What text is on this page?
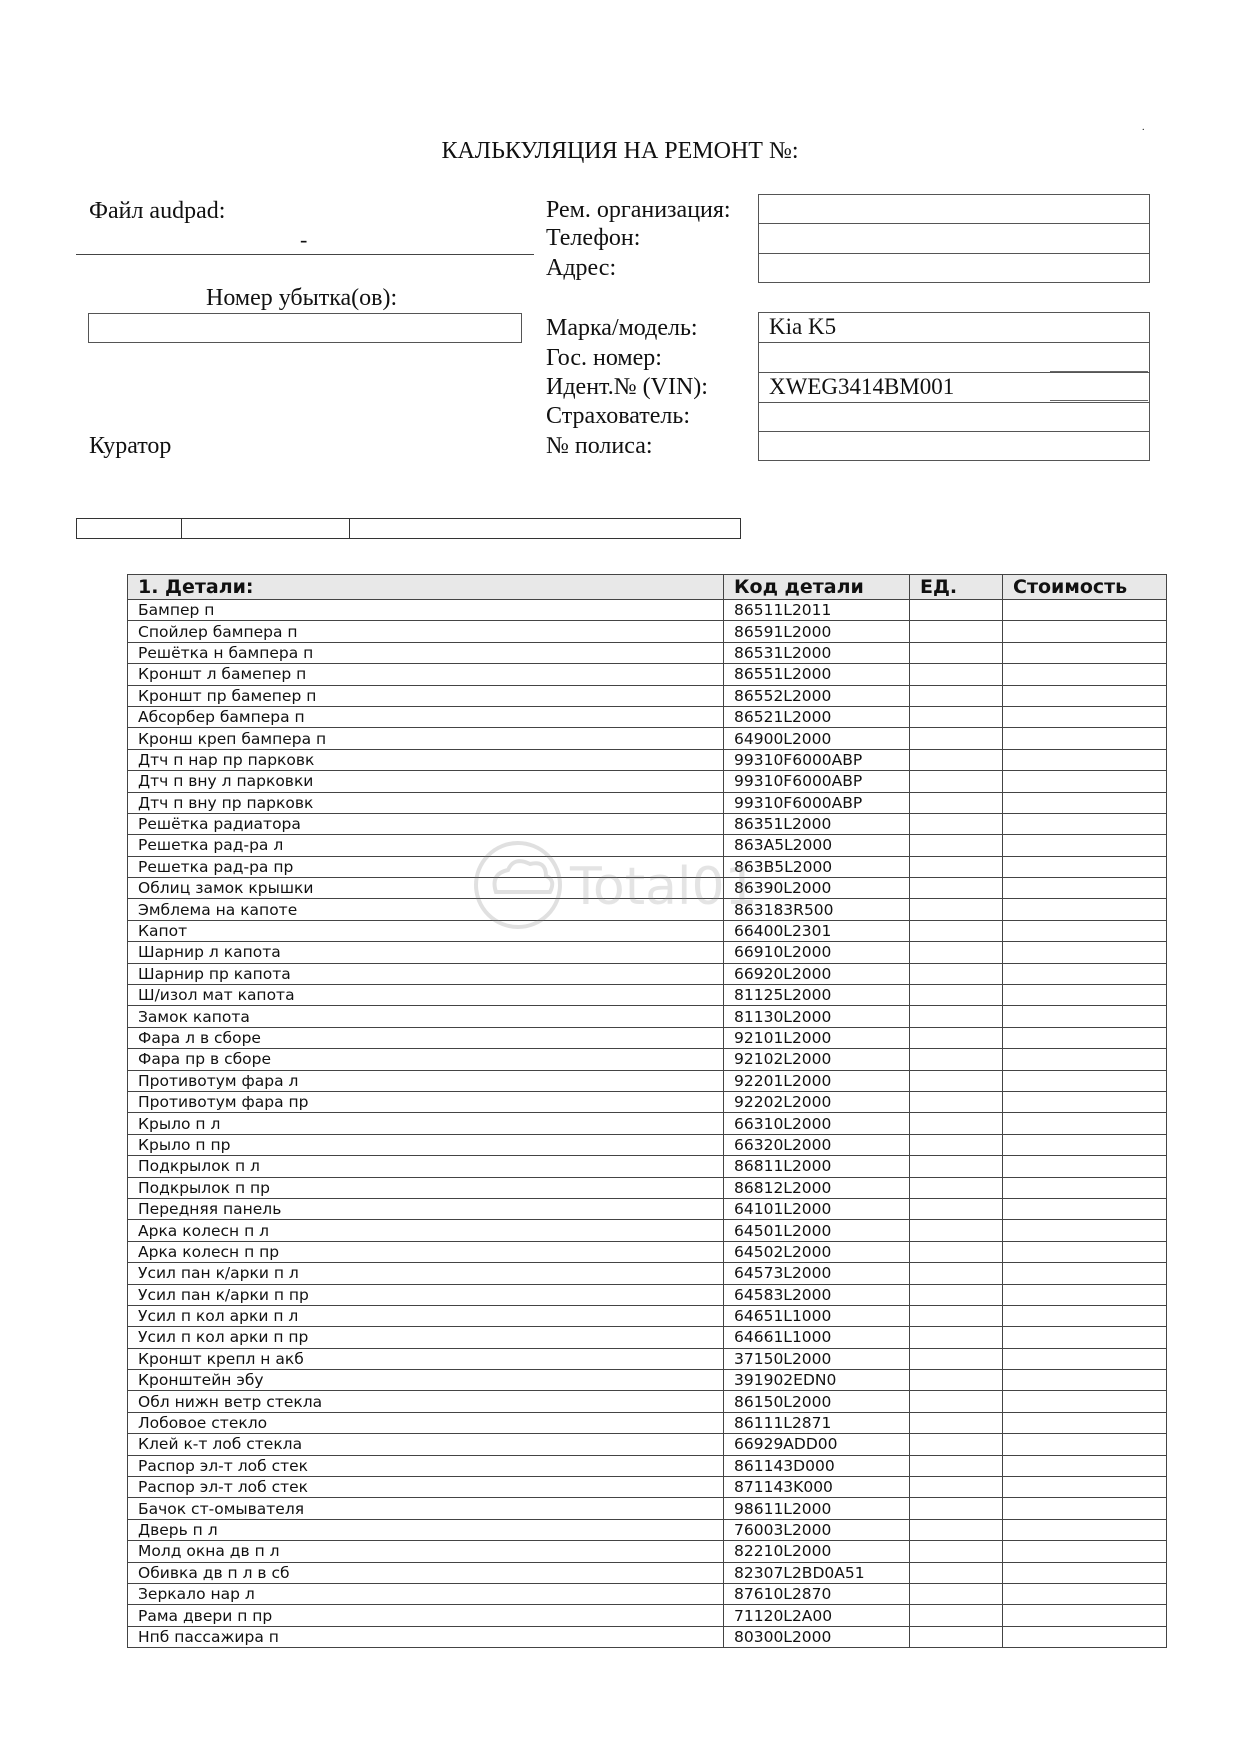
КАЛЬКУЛЯЦИЯ НА РЕМОНТ №:
.
Файл audpad:
-
Номер убытка(ов):
Куратор
Рем. организация:
Телефон:
Адрес:
Марка/модель:
Гос. номер:
Идент.№ (VIN):
Страхователь:
№ полиса:
Kia K5
XWEG3414BM001
1. Детали:	Код детали	ЕД.	Стоимость
Бампер п	86511L2011		
Спойлер бампера п	86591L2000		
Решётка н бампера п	86531L2000		
Кроншт л бамепер п	86551L2000		
Кроншт пр бамепер п	86552L2000		
Абсорбер бампера п	86521L2000		
Кронш креп бампера п	64900L2000		
Дтч п нар пр парковк	99310F6000ABP		
Дтч п вну л парковки	99310F6000ABP		
Дтч п вну пр парковк	99310F6000ABP		
Решётка радиатора	86351L2000		
Решетка рад-ра л	863A5L2000		
Решетка рад-ра пр	863B5L2000		
Облиц замок крышки	86390L2000		
Эмблема на капоте	863183R500		
Капот	66400L2301		
Шарнир л капота	66910L2000		
Шарнир пр капота	66920L2000		
Ш/изол мат капота	81125L2000		
Замок капота	81130L2000		
Фара л в сборе	92101L2000		
Фара пр в сборе	92102L2000		
Противотум фара л	92201L2000		
Противотум фара пр	92202L2000		
Крыло п л	66310L2000		
Крыло п пр	66320L2000		
Подкрылок п л	86811L2000		
Подкрылок п пр	86812L2000		
Передняя панель	64101L2000		
Арка колесн п л	64501L2000		
Арка колесн п пр	64502L2000		
Усил пан к/арки п л	64573L2000		
Усил пан к/арки п пр	64583L2000		
Усил п кол арки п л	64651L1000		
Усил п кол арки п пр	64661L1000		
Кроншт крепл н акб	37150L2000		
Кронштейн эбу	391902EDN0		
Обл нижн ветр стекла	86150L2000		
Лобовое стекло	86111L2871		
Клей к-т лоб стекла	66929ADD00		
Распор эл-т лоб стек	861143D000		
Распор эл-т лоб стек	871143K000		
Бачок ст-омывателя	98611L2000		
Дверь п л	76003L2000		
Молд окна дв п л	82210L2000		
Обивка дв п л в сб	82307L2BD0A51		
Зеркало нар л	87610L2870		
Рама двери п пр	71120L2A00		
Нпб пассажира п	80300L2000		
Total01
